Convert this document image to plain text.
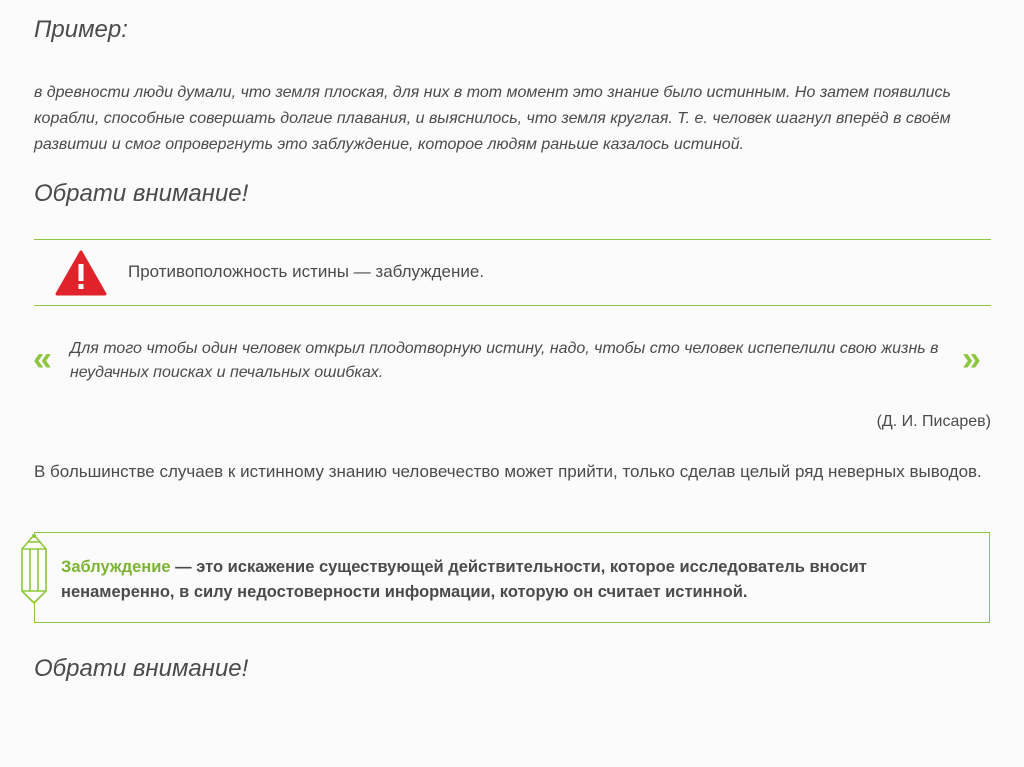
Пример:
в древности люди думали, что земля плоская, для них в тот момент это знание было истинным. Но затем появились корабли, способные совершать долгие плавания, и выяснилось, что земля круглая. Т. е. человек шагнул вперёд в своём развитии и смог опровергнуть это заблуждение, которое людям раньше казалось истиной.
Обрати внимание!
Противоположность истины — заблуждение.
« Для того чтобы один человек открыл плодотворную истину, надо, чтобы сто человек испепелили свою жизнь в неудачных поисках и печальных ошибках.	»
(Д. И. Писарев)
В большинстве случаев к истинному знанию человечество может прийти, только сделав целый ряд неверных выводов.
Заблуждение — это искажение существующей действительности, которое исследователь вносит ненамеренно, в силу недостоверности информации, которую он считает истинной.
Обрати внимание!
